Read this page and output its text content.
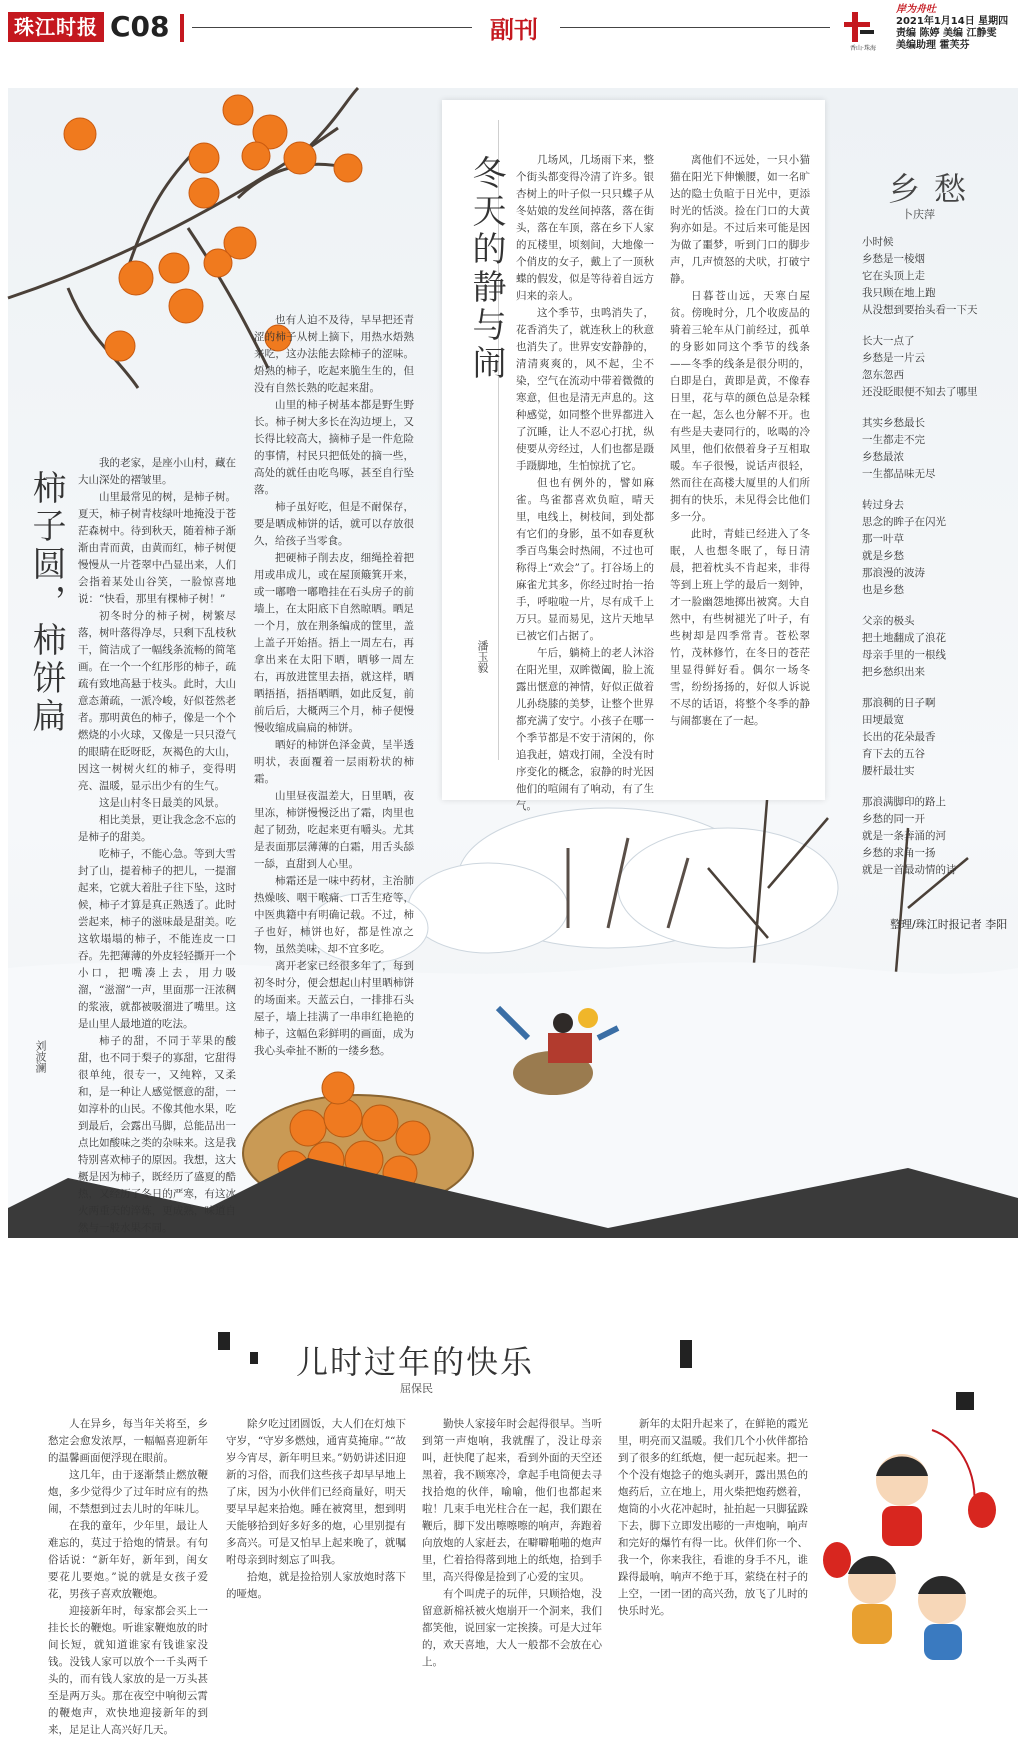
珠江时报 C08	副刊
香山·珠海
岸为舟吐
2021年1月14日 星期四
责编 陈婷 美编 江静雯
美编助理 霍芙芬
柿子圆，柿饼扁
刘波澜

我的老家，是座小山村，藏在大山深处的褶皱里。

山里最常见的树，是柿子树。夏天，柿子树青枝绿叶地掩没于苍茫森树中。待到秋天，随着柿子渐渐由青而黄，由黄而红，柿子树便慢慢从一片苍翠中凸显出来，人们会指着某处山谷笑，一脸惊喜地说：“快看，那里有棵柿子树！”

初冬时分的柿子树，树繁尽落，树叶落得净尽，只剩下乱枝秋干，简洁成了一幅线条流畅的简笔画。在一个一个红彤彤的柿子，疏疏有致地高悬于枝头。此时，大山意态萧疏，一派冷峻，好似苍然老者。那明黄色的柿子，像是一个个燃烧的小火球，又像是一只只澄气的眼睛在眨呀眨，灰褐色的大山，因这一树树火红的柿子，变得明亮、温暖，显示出少有的生气。

这是山村冬日最美的风景。

相比美景，更让我念念不忘的是柿子的甜美。

吃柿子，不能心急。等到大雪封了山，提着柿子的把儿，一提溜起来，它就大着肚子往下坠，这时候，柿子才算是真正熟透了。此时尝起来，柿子的滋味最是甜美。吃这软塌塌的柿子，不能连皮一口吞。先把薄薄的外皮轻轻撕开一个小口，把嘴凑上去，用力吸溜，“滋溜”一声，里面那一汪浓稠的浆液，就都被吸溜进了嘴里。这是山里人最地道的吃法。

柿子的甜，不同于苹果的酸甜，也不同于梨子的寡甜，它甜得很单纯，很专一，又纯粹，又柔和，是一种让人感觉惬意的甜，一如淳朴的山民。不像其他水果，吃到最后，会露出马脚，总能品出一点比如酸味之类的杂味来。这是我特别喜欢柿子的原因。我想，这大概是因为柿子，既经历了盛夏的酷热，又经历了冬日的严寒，有这冰火两重天的淬炼，更成熟，味道自然与一般水果不同。

也有人迫不及待，早早把还青涩的柿子从树上摘下，用热水焐熟来吃，这办法能去除柿子的涩味。焐熟的柿子，吃起来脆生生的，但没有自然长熟的吃起来甜。

山里的柿子树基本都是野生野长。柿子树大多长在沟边埂上，又长得比较高大，摘柿子是一件危险的事情，村民只把低处的摘一些，高处的就任由吃鸟啄，甚至自行坠落。

柿子虽好吃，但是不耐保存，要是晒成柿饼的话，就可以存放很久，给孩子当零食。

把硬柿子削去皮，细绳拴着把用或串成儿，或在屋顶簸箕开来，或一嘟噜一嘟噜挂在石头房子的前墙上，在太阳底下自然晾晒。晒足一个月，放在荆条编成的筐里，盖上盖子开始捂。捂上一周左右，再拿出来在太阳下晒，晒够一周左右，再放进筐里去捂，就这样，晒晒捂捂，捂捂晒晒，如此反复，前前后后，大概两三个月，柿子便慢慢收缩成扁扁的柿饼。

晒好的柿饼色泽金黄，呈半透明状，表面覆着一层雨粉状的柿霜。

山里昼夜温差大，日里晒，夜里冻，柿饼慢慢泛出了霜，肉里也起了韧劲，吃起来更有嚼头。尤其是表面那层薄薄的白霜，用舌头舔一舔，直甜到人心里。

柿霜还是一味中药材，主治肺热燥咳、咽干喉痛、口舌生疮等，中医典籍中有明确记载。不过，柿子也好，柿饼也好，都是性凉之物，虽然美味，却不宜多吃。

离开老家已经很多年了，每到初冬时分，便会想起山村里晒柿饼的场面来。天蓝云白，一排排石头屋子，墙上挂满了一串串红艳艳的柿子，这幅色彩鲜明的画面，成为我心头牵扯不断的一缕乡愁。

冬天的静与闹
潘玉毅

几场风，几场雨下来，整个街头都变得冷清了许多。银杏树上的叶子似一只只蝶子从冬姑娘的发丝间掉落，落在街头，落在车顶，落在乡下人家的瓦楼里，顷刻间，大地像一个俏皮的女子，戴上了一顶秋蝶的假发，似是等待着自远方归来的亲人。

这个季节，虫鸣消失了，花香消失了，就连秋上的秋意也消失了。世界安安静静的，清清爽爽的，风不起，尘不染，空气在流动中带着微微的寒意，但也是清无声息的。这种感觉，如同整个世界都进入了沉睡，让人不忍心打扰，纵使要从旁经过，人们也都是蹑手蹑脚地，生怕惊扰了它。

但也有例外的，譬如麻雀。鸟雀都喜欢负暄，晴天里，电线上，树枝间，到处都有它们的身影，虽不如春夏秋季百鸟集会时热闹，不过也可称得上“欢会”了。打谷场上的麻雀尤其多，你经过时抬一抬手，呼啦啦一片，尽有成千上万只。显而易见，这片天地早已被它们占据了。

午后，躺椅上的老人沐浴在阳光里，双眸微阖，脸上流露出惬意的神情，好似正做着儿孙绕膝的美梦，让整个世界都充满了安宁。小孩子在哪一个季节都是不安于清闲的，你追我赶，嬉戏打闹，全没有时序变化的概念，寂静的时光因他们的喧闹有了响动，有了生气。

离他们不远处，一只小猫猫在阳光下伸懒腰，如一名旷达的隐士负暄于日光中，更添时光的恬淡。捡在门口的大黄狗亦如是。不过后来可能是因为做了噩梦，听到门口的脚步声，几声愤怒的犬吠，打破宁静。

日暮苍山远，天寒白屋贫。傍晚时分，几个收废品的骑着三轮车从门前经过，孤单的身影如同这个季节的线条——冬季的线条是很分明的，白即是白，黄即是黄，不像春日里，花与草的颜色总是杂糅在一起，怎么也分解不开。也有些是夫妻同行的，吆喝的冷风里，他们依偎着身子互相取暖。车子很慢，说话声很轻，然而往在高楼大厦里的人们所拥有的快乐，未见得会比他们多一分。

此时，青蛙已经进入了冬眠，人也想冬眠了，每日清晨，把着枕头不肯起来，非得等到上班上学的最后一刻钟，才一脸幽怨地掷出被窝。大自然中，有些树褪光了叶子，有些树却是四季常青。苍松翠竹，茂林修竹，在冬日的苍茫里显得鲜好看。偶尔一场冬雪，纷纷扬扬的，好似人诉说不尽的话语，将整个冬季的静与闹都裹在了一起。

乡愁
卜庆萍
小时候
乡愁是一棱烟
它在头顶上走
我只顾在地上跑
从没想到要抬头看一下天
长大一点了
乡愁是一片云
忽东忽西
还没眨眼便不知去了哪里
其实乡愁最长
一生都走不完
乡愁最浓
一生都品味无尽
转过身去
思念的眸子在闪光
那一叶草
就是乡愁
那浪漫的波涛
也是乡愁
父亲的极头
把土地翻成了浪花
母亲手里的一根线
把乡愁织出来
那浪稠的日子啊
田埂最宽
长出的花朵最香
育下去的五谷
腰杆最壮实
那浪满脚印的路上
乡愁的同一开
就是一条奔涌的河
乡愁的求角一扬
就是一首最动情的诗
整理/珠江时报记者 李阳
儿时过年的快乐
屈保民

人在异乡，每当年关将至，乡愁定会愈发浓厚，一幅幅喜迎新年的温馨画面便浮现在眼前。

这几年，由于逐渐禁止燃放鞭炮，多少觉得少了过年时应有的热闹，不禁想到过去儿时的年味儿。

在我的童年，少年里，最让人难忘的，莫过于拾炮的情景。有句俗话说：“新年好，新年到，闺女要花儿要炮。”说的就是女孩子爱花，男孩子喜欢放鞭炮。

迎接新年时，每家都会买上一挂长长的鞭炮。听谁家鞭炮放的时间长短，就知道谁家有钱谁家没钱。没钱人家可以放个一千头两千头的，而有钱人家放的是一万头甚至是两万头。那在夜空中响彻云霄的鞭炮声，欢快地迎接新年的到来，足足让人高兴好几天。

除夕吃过团圆饭，大人们在灯烛下守岁，“守岁多燃烛，通宵莫掩扉。”“故岁今宵尽，新年明旦来。”奶奶讲述旧迎新的习俗，而我们这些孩子却早早地上了床，因为小伙伴们已经商量好，明天要早早起来拾炮。睡在被窝里，想到明天能够拾到好多好多的炮，心里别提有多高兴。可是又怕早上起来晚了，就嘱咐母亲到时刻忘了叫我。

拾炮，就是捡拾别人家放炮时落下的哑炮。

勤快人家接年时会起得很早。当听到第一声炮响，我就醒了，没让母亲叫，赶快爬了起来，看到外面的天空还黑着，我不顾寒冷，拿起手电筒便去寻找拾炮的伙伴，喻喻，他们也都起来啦！几束手电光柱合在一起，我们跟在鞭后，脚下发出嚓嚓嚓的响声，奔跑着向放炮的人家赶去，在噼噼啪啪的炮声里，伫着拾得落到地上的纸炮，拾到手里，高兴得像是捡到了心爱的宝贝。

有个叫虎子的玩伴，只顾拾炮，没留意新棉袄被火炮崩开一个洞来，我们都笑他，说回家一定挨揍。可是大过年的，欢天喜地，大人一般都不会放在心上。

新年的太阳升起来了，在鲜艳的霞光里，明亮而又温暖。我们几个小伙伴都拾到了很多的红纸炮，便一起玩起来。把一个个没有炮捻子的炮头剥开，露出黑色的炮药后，立在地上，用火柴把炮药燃着，炮筒的小火花冲起时，扯拍起一只脚猛跺下去，脚下立即发出嘭的一声炮响，响声和完好的爆竹有得一比。伙伴们你一个、我一个，你来我往，看谁的身手不凡，谁跺得最响，响声不绝于耳，萦绕在村子的上空，一团一团的高兴劲，放飞了儿时的快乐时光。
